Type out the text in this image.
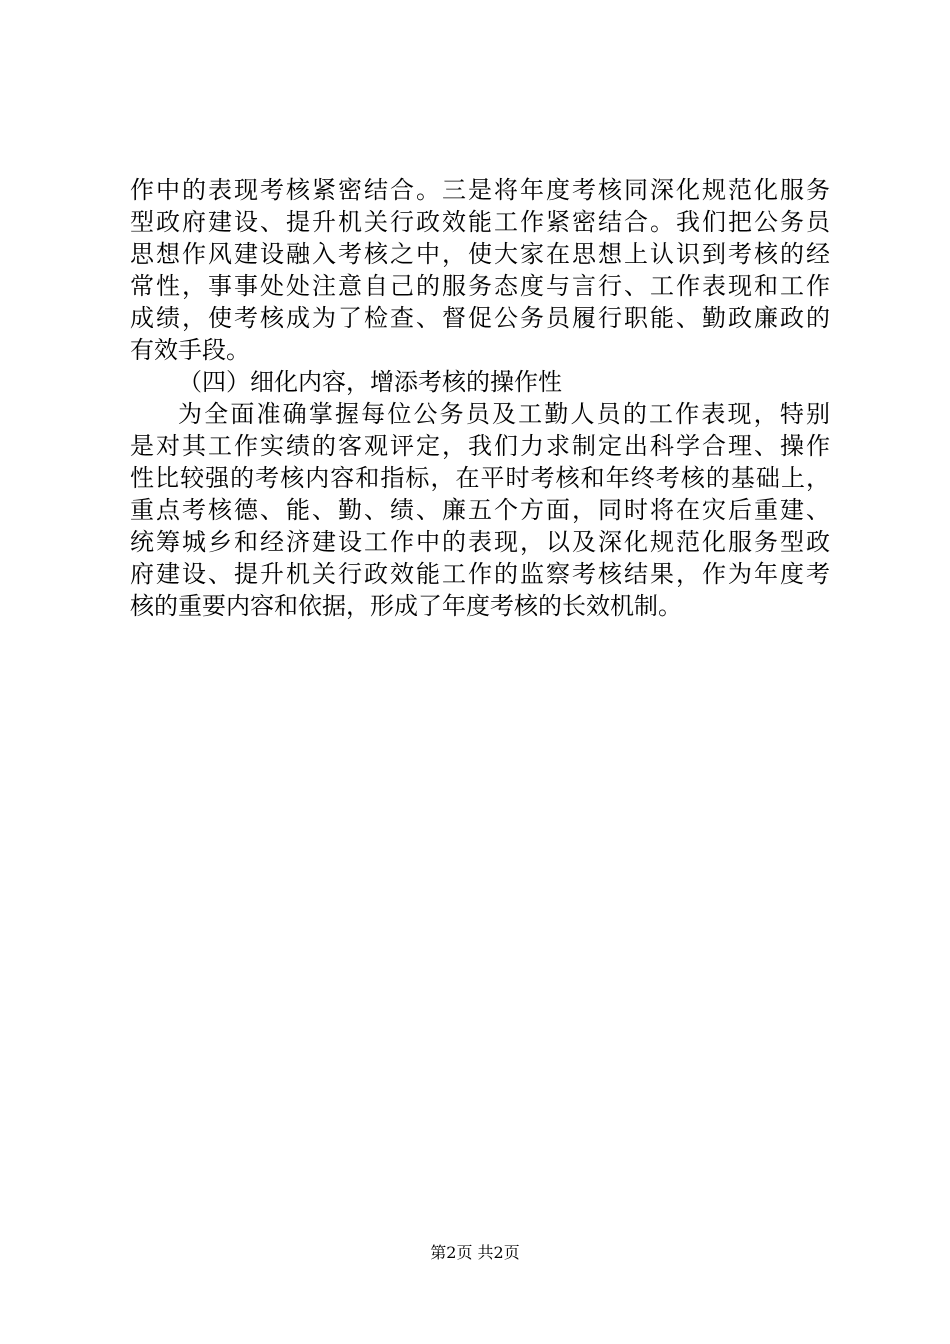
作中的表现考核紧密结合。三是将年度考核同深化规范化服务
型政府建设、提升机关行政效能工作紧密结合。我们把公务员
思想作风建设融入考核之中，使大家在思想上认识到考核的经
常性，事事处处注意自己的服务态度与言行、工作表现和工作
成绩，使考核成为了检查、督促公务员履行职能、勤政廉政的
有效手段。
（四）细化内容，增添考核的操作性
为全面准确掌握每位公务员及工勤人员的工作表现，特别
是对其工作实绩的客观评定，我们力求制定出科学合理、操作
性比较强的考核内容和指标，在平时考核和年终考核的基础上，
重点考核德、能、勤、绩、廉五个方面，同时将在灾后重建、
统筹城乡和经济建设工作中的表现，以及深化规范化服务型政
府建设、提升机关行政效能工作的监察考核结果，作为年度考
核的重要内容和依据，形成了年度考核的长效机制。
第2页 共2页
